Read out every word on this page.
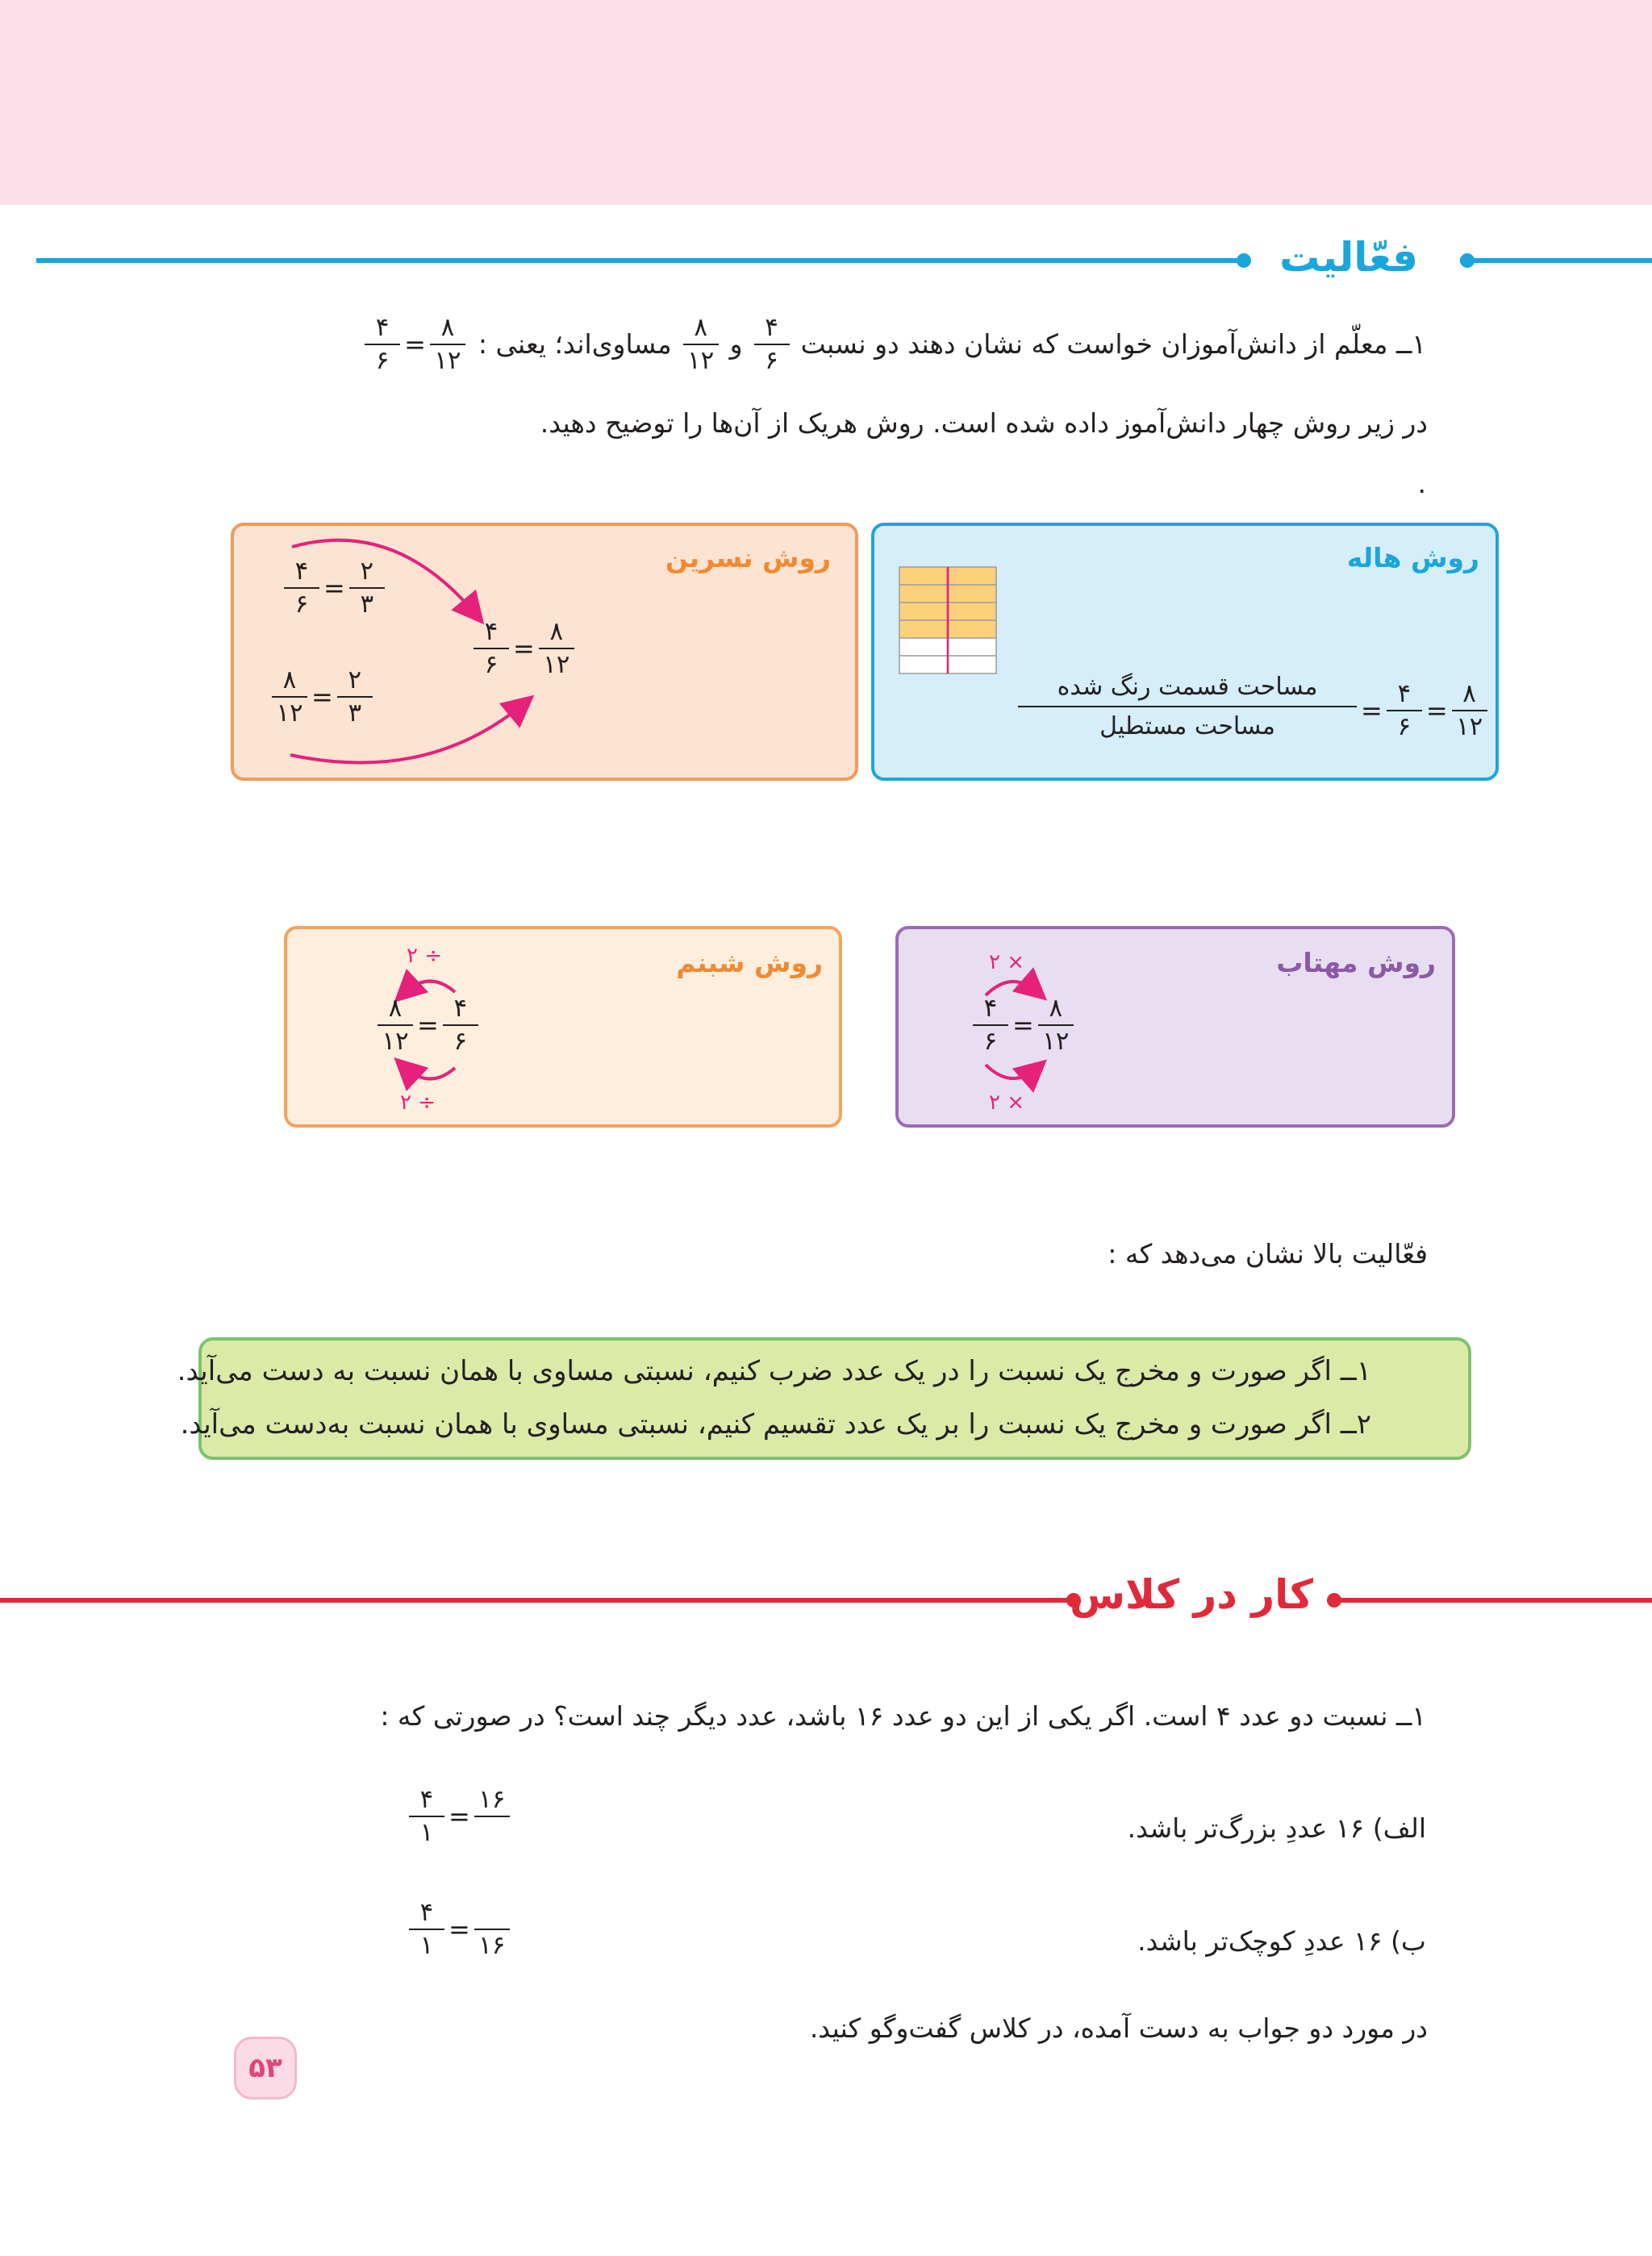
فعّالیت
۱ــ معلّم از دانش‌آموزان خواست که نشان دهند دو نسبت
$\frac{۴}{۶}$
و
$\frac{۸}{۱۲}$
مساوی‌اند؛ یعنی :
$\frac{۴}{۶} = \frac{۸}{۱۲}$
در زیر روش چهار دانش‌آموز داده شده است. روش هریک از آن‌ها را توضیح دهید.
.
روش هاله
مساحت قسمت رنگ شده
مساحت مستطیل
= $\frac{۴}{۶} = \frac{۸}{۱۲}$
روش نسرین
$\frac{۴}{۶} = \frac{۲}{۳}$
$\frac{۸}{۱۲} = \frac{۲}{۳}$
$\frac{۴}{۶} = \frac{۸}{۱۲}$
روش مهتاب
× ۲
× ۲
$\frac{۴}{۶} = \frac{۸}{۱۲}$
روش شبنم
÷ ۲
÷ ۲
$\frac{۸}{۱۲} = \frac{۴}{۶}$
فعّالیت بالا نشان می‌دهد که :
۱ــ اگر صورت و مخرج یک نسبت را در یک عدد ضرب کنیم، نسبتی مساوی با همان نسبت به دست می‌آید.
۲ــ اگر صورت و مخرج یک نسبت را بر یک عدد تقسیم کنیم، نسبتی مساوی با همان نسبت به‌دست می‌آید.
کار در کلاس
۱ــ نسبت دو عدد ۴ است. اگر یکی از این دو عدد ۱۶ باشد، عدد دیگر چند است؟ در صورتی که :
الف) ۱۶ عددِ بزرگ‌تر باشد.
$\frac{۴}{۱}$ =
۱۶
ب) ۱۶ عددِ کوچک‌تر باشد.
$\frac{۴}{۱}$ =
۱۶
در مورد دو جواب به دست آمده، در کلاس گفت‌وگو کنید.
۵۳
